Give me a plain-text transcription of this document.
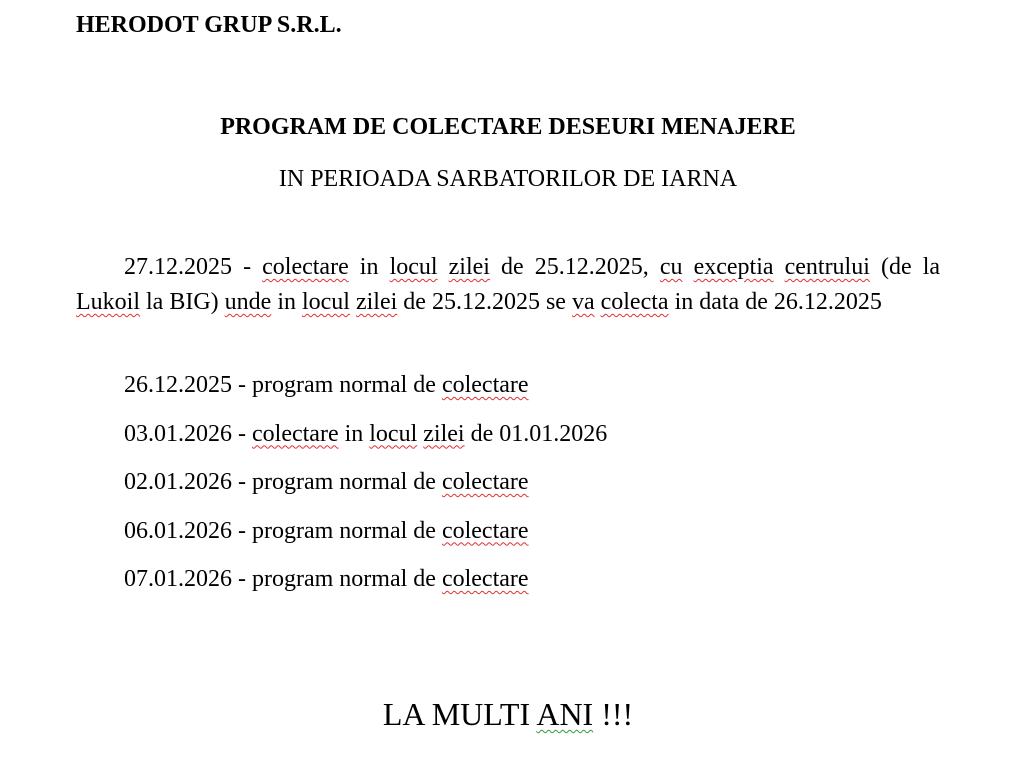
HERODOT GRUP S.R.L.

PROGRAM DE COLECTARE DESEURI MENAJERE

IN PERIOADA SARBATORILOR DE IARNA

27.12.2025 - colectare in locul zilei de 25.12.2025, cu exceptia centrului (de la Lukoil la BIG) unde in locul zilei de 25.12.2025 se va colecta in data de 26.12.2025

26.12.2025 - program normal de colectare
03.01.2026 - colectare in locul zilei de 01.01.2026
02.01.2026 - program normal de colectare
06.01.2026 - program normal de colectare
07.01.2026 - program normal de colectare

LA MULTI ANI !!!
